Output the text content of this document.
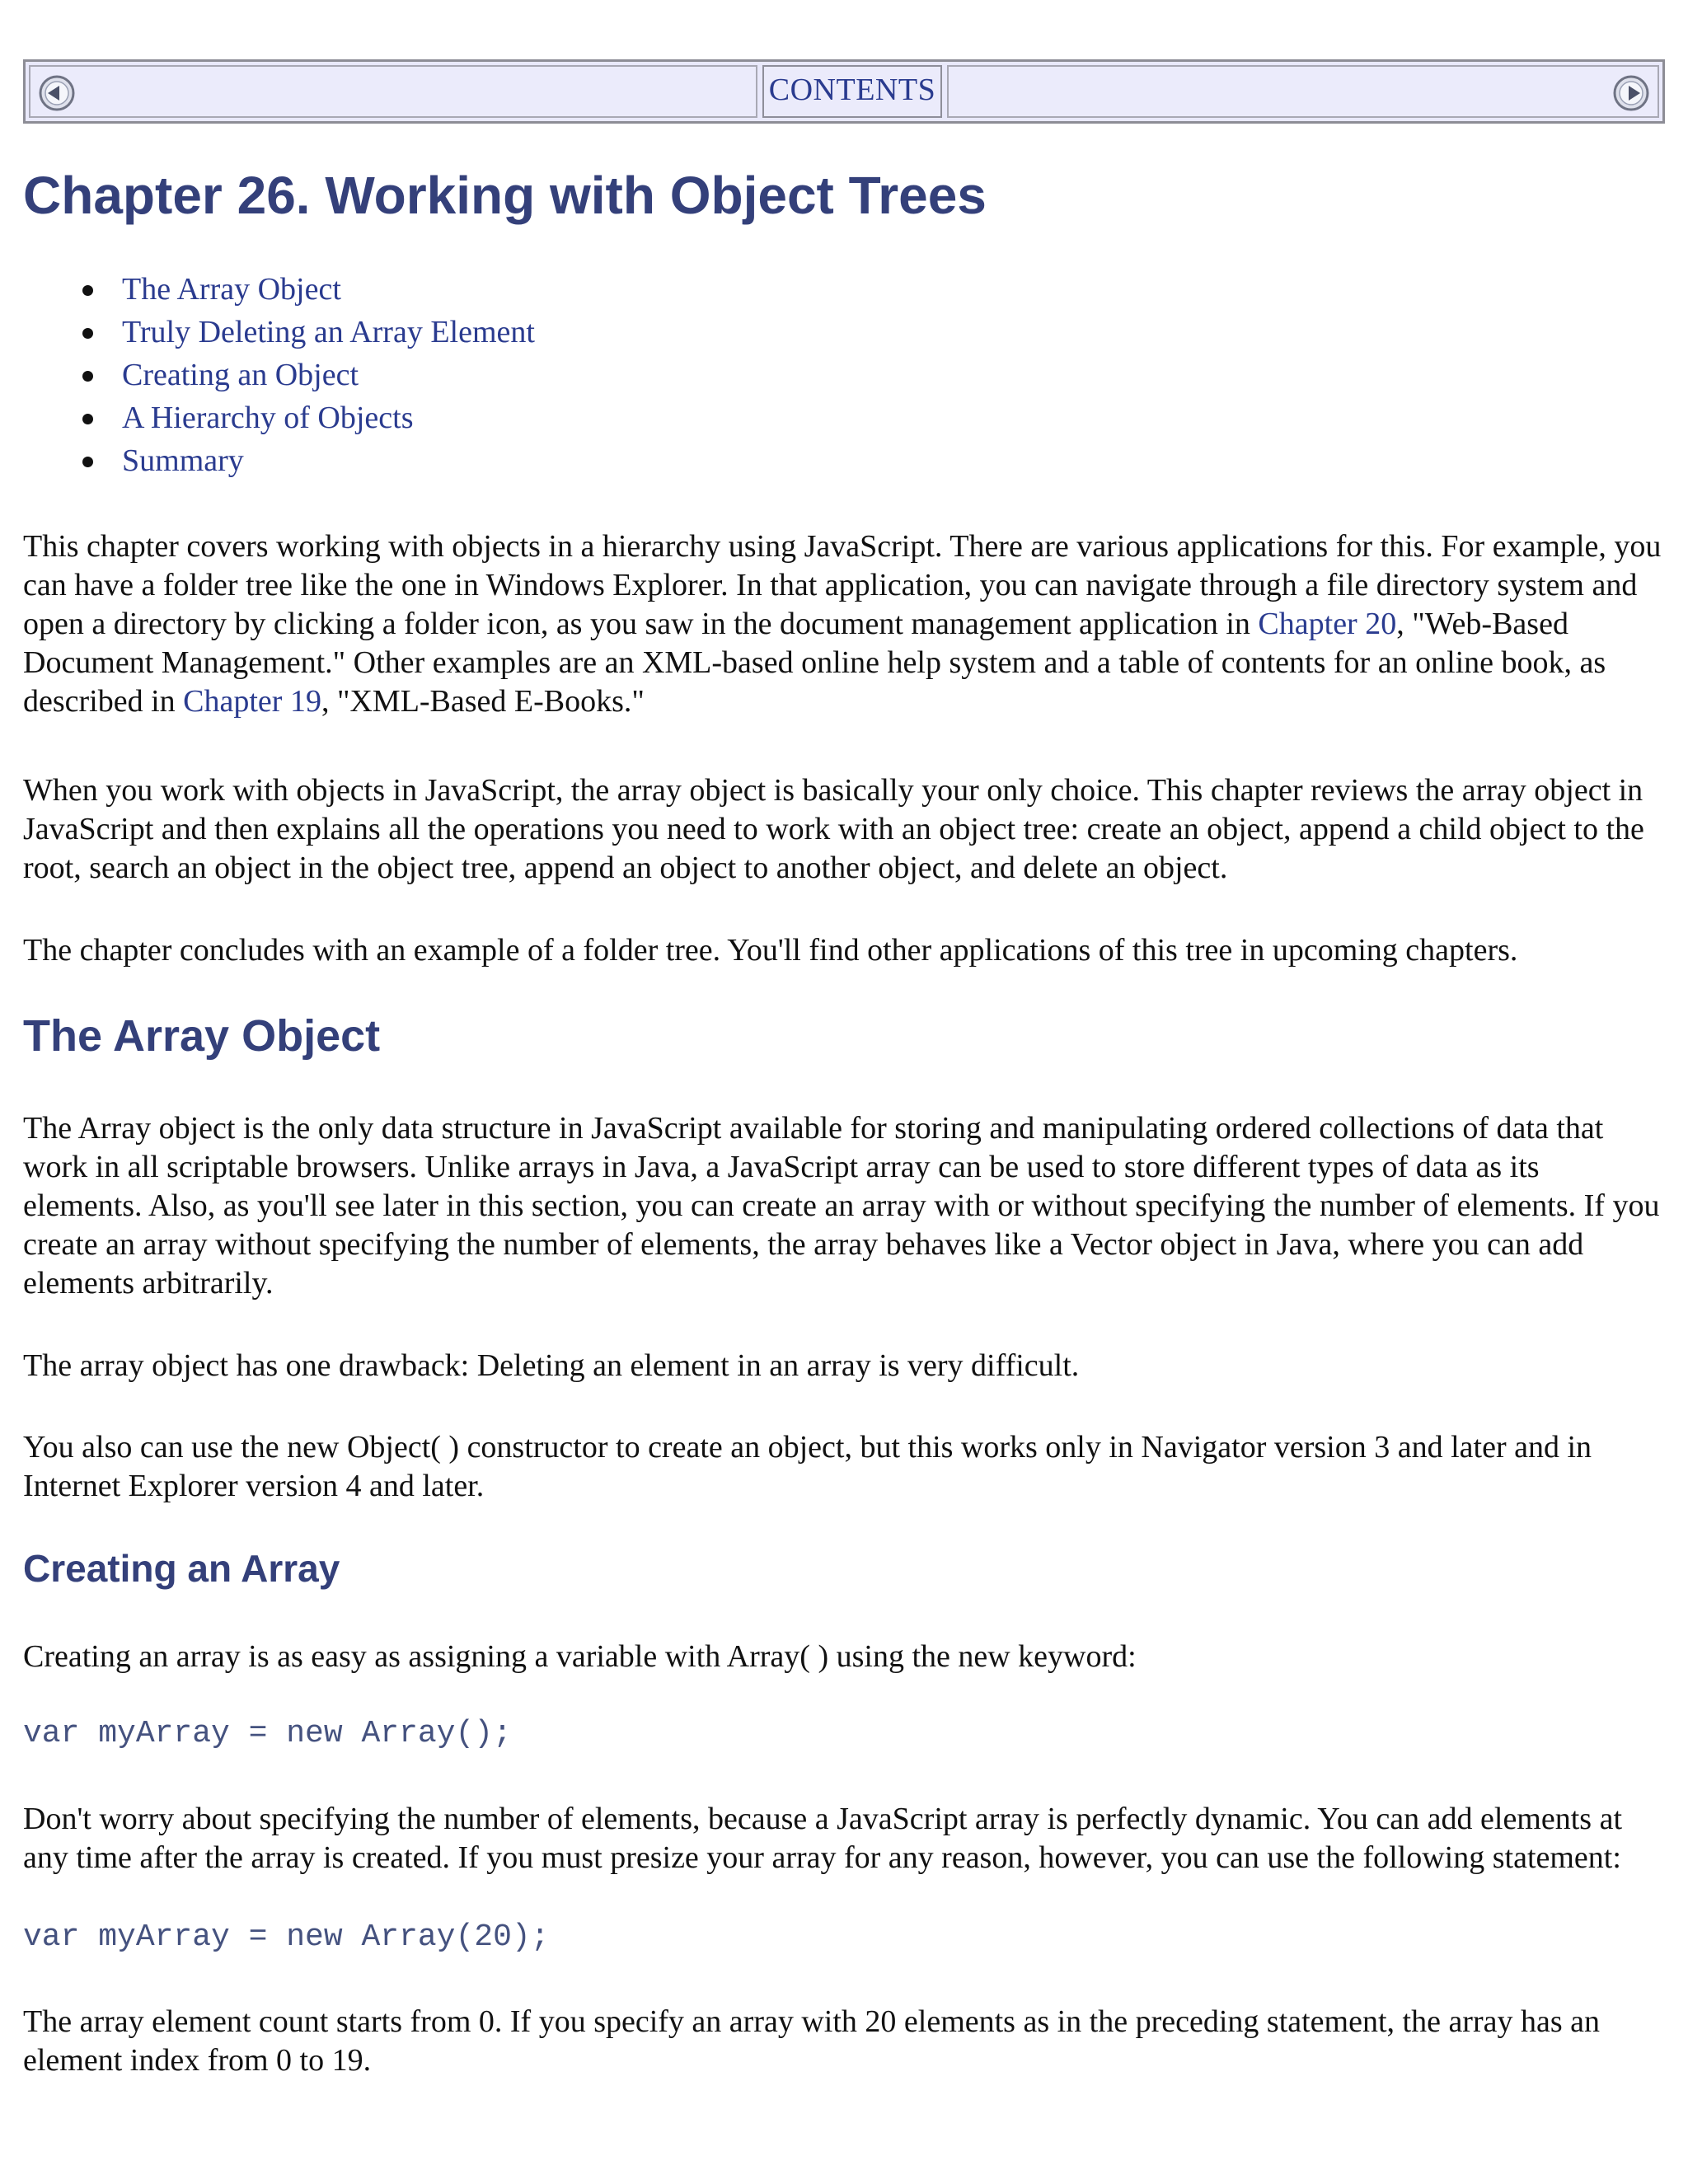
CONTENTS
Chapter 26. Working with Object Trees
The Array Object
Truly Deleting an Array Element
Creating an Object
A Hierarchy of Objects
Summary

This chapter covers working with objects in a hierarchy using JavaScript. There are various applications for this. For example, you can have a folder tree like the one in Windows Explorer. In that application, you can navigate through a file directory system and open a directory by clicking a folder icon, as you saw in the document management application in Chapter 20, "Web-Based Document Management." Other examples are an XML-based online help system and a table of contents for an online book, as described in Chapter 19, "XML-Based E-Books."

When you work with objects in JavaScript, the array object is basically your only choice. This chapter reviews the array object in JavaScript and then explains all the operations you need to work with an object tree: create an object, append a child object to the root, search an object in the object tree, append an object to another object, and delete an object.

The chapter concludes with an example of a folder tree. You'll find other applications of this tree in upcoming chapters.

The Array Object

The Array object is the only data structure in JavaScript available for storing and manipulating ordered collections of data that work in all scriptable browsers. Unlike arrays in Java, a JavaScript array can be used to store different types of data as its elements. Also, as you'll see later in this section, you can create an array with or without specifying the number of elements. If you create an array without specifying the number of elements, the array behaves like a Vector object in Java, where you can add elements arbitrarily.

The array object has one drawback: Deleting an element in an array is very difficult.

You also can use the new Object( ) constructor to create an object, but this works only in Navigator version 3 and later and in Internet Explorer version 4 and later.

Creating an Array

Creating an array is as easy as assigning a variable with Array( ) using the new keyword:

var myArray = new Array();

Don't worry about specifying the number of elements, because a JavaScript array is perfectly dynamic. You can add elements at any time after the array is created. If you must presize your array for any reason, however, you can use the following statement:

var myArray = new Array(20);

The array element count starts from 0. If you specify an array with 20 elements as in the preceding statement, the array has an element index from 0 to 19.
